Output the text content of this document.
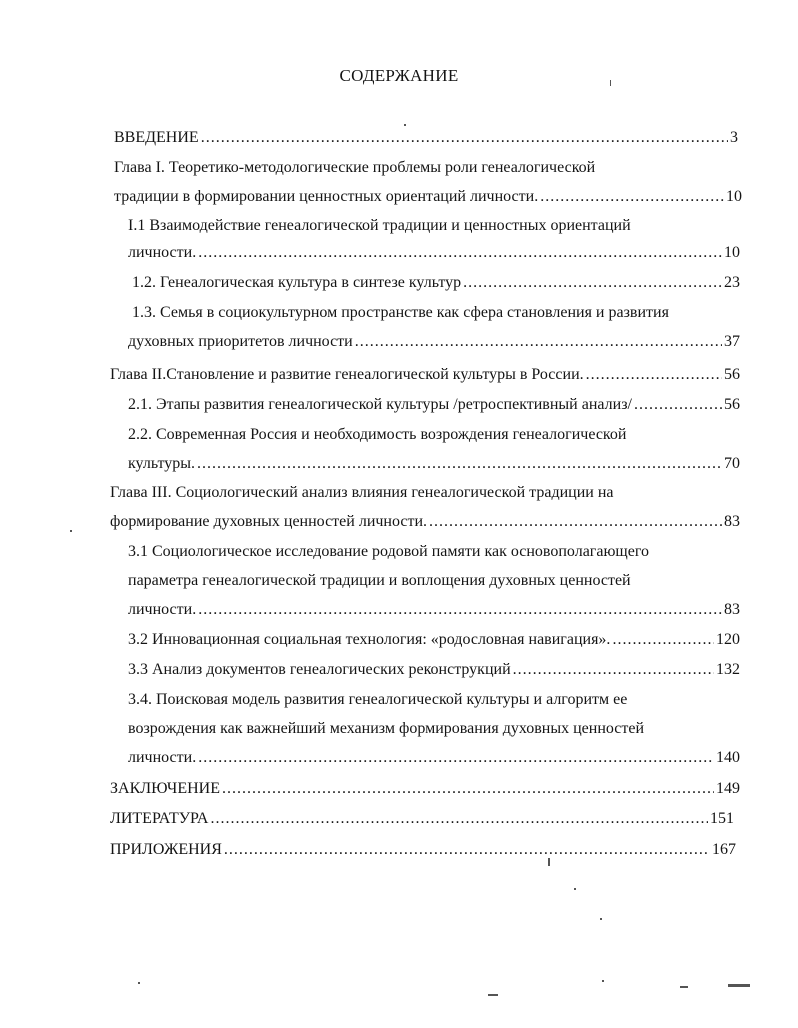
СОДЕРЖАНИЕ
ВВЕДЕНИЕ .....	3
Глава I. Теоретико-методологические проблемы роли генеалогической
традиции в формировании ценностных ориентаций личности. .....	10
I.1 Взаимодействие генеалогической традиции и ценностных ориентаций
личности. .....	10
1.2. Генеалогическая культура в синтезе культур .....	23
1.3. Семья в социокультурном пространстве как сфера становления и развития
духовных приоритетов личности .....	37
Глава II.Становление и развитие генеалогической культуры в России. .....	56
2.1. Этапы развития генеалогической культуры /ретроспективный анализ/ .....	56
2.2. Современная Россия и необходимость возрождения генеалогической
культуры. .....	70
Глава III. Социологический анализ влияния генеалогической традиции на
формирование духовных ценностей личности. .....	83
3.1 Социологическое исследование родовой памяти как основополагающего
параметра генеалогической традиции и воплощения духовных ценностей
личности. .....	83
3.2 Инновационная социальная технология: «родословная навигация». .....	120
3.3 Анализ документов генеалогических реконструкций .....	132
3.4. Поисковая модель развития генеалогической культуры и алгоритм ее
возрождения как важнейший механизм формирования духовных ценностей
личности. .....	140
ЗАКЛЮЧЕНИЕ .....	149
ЛИТЕРАТУРА .....	151
ПРИЛОЖЕНИЯ .....	167
